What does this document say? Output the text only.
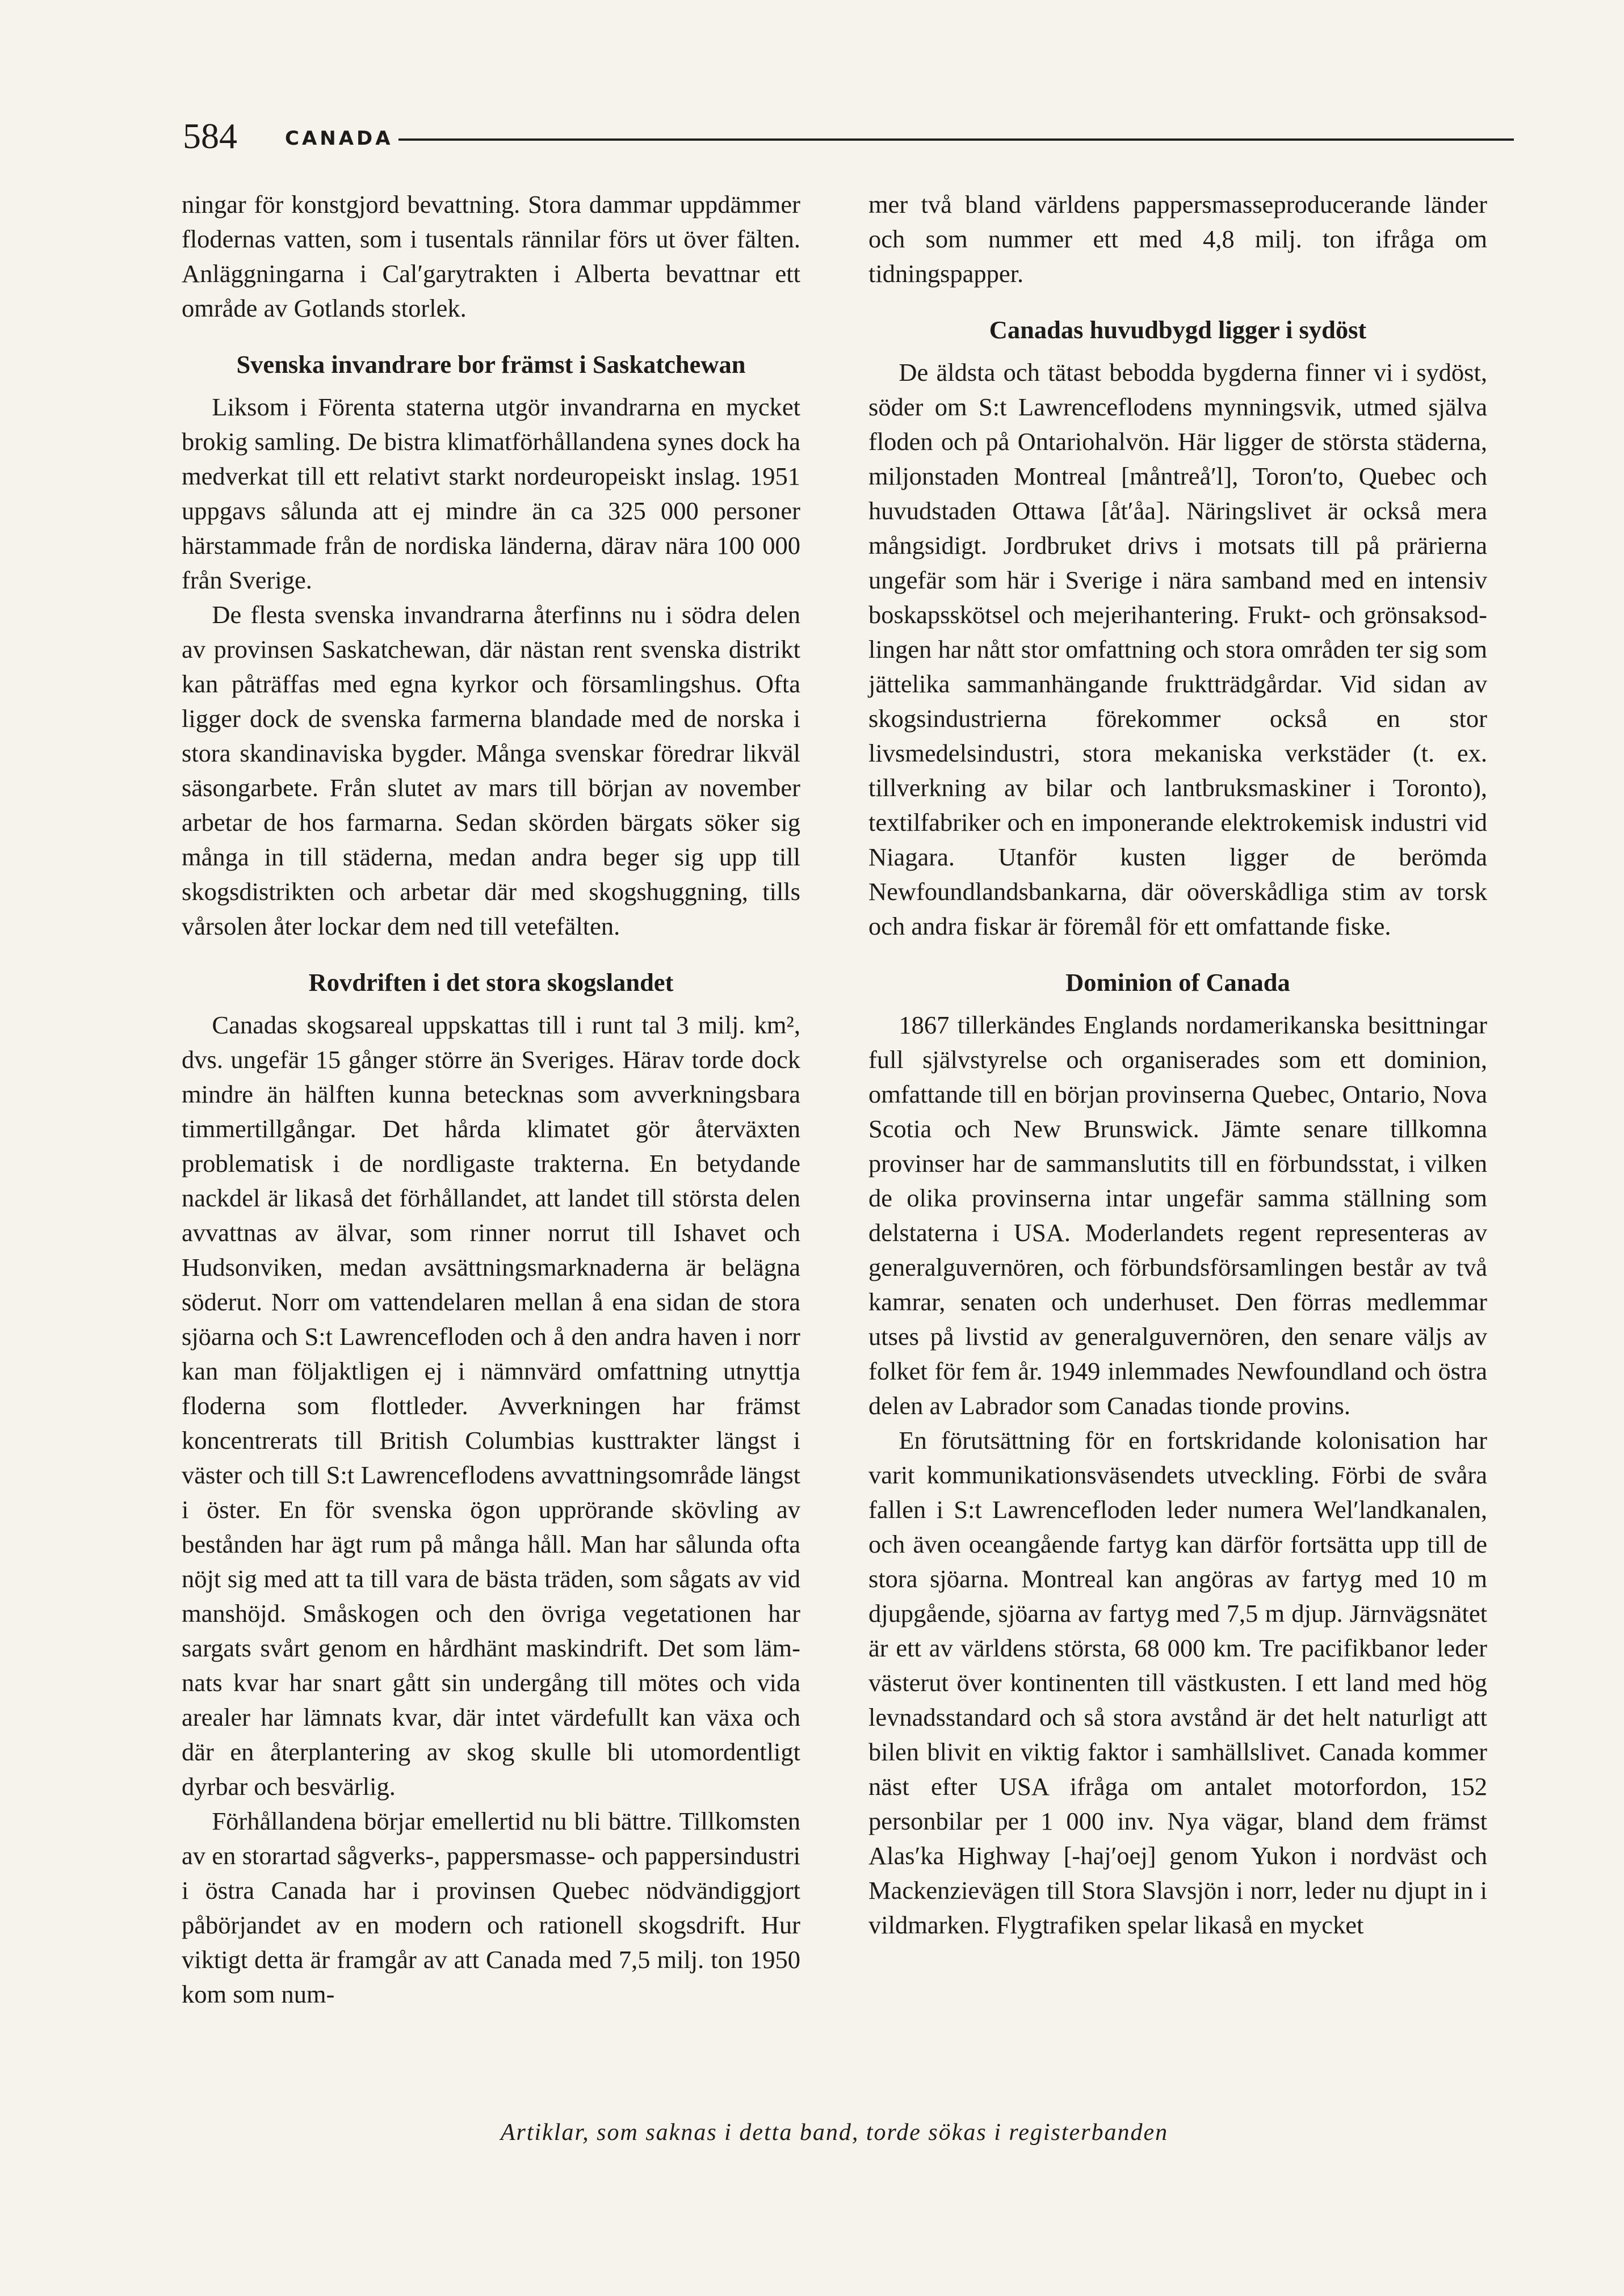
584 CANADA

ningar för konstgjord bevattning. Stora dammar uppdämmer flodernas vatten, som i tusentals rännilar förs ut över fälten. Anläggningarna i Cal′garytrakten i Alberta bevattnar ett område av Gotlands storlek.

Svenska invandrare bor främst i Saskatchewan

Liksom i Förenta staterna utgör invandrarna en mycket brokig samling. De bistra klimatförhållandena synes dock ha medverkat till ett relativt starkt nordeuropeiskt inslag. 1951 uppgavs sålunda att ej mindre än ca 325 000 personer härstammade från de nordiska länderna, därav nära 100 000 från Sverige.

De flesta svenska invandrarna återfinns nu i södra delen av provinsen Saskatchewan, där nästan rent svenska distrikt kan påträffas med egna kyrkor och församlingshus. Ofta ligger dock de svenska farmerna blandade med de norska i stora skandinaviska bygder. Många svenskar föredrar likväl säsongarbete. Från slutet av mars till början av november arbetar de hos farmarna. Sedan skörden bärgats söker sig många in till städerna, medan andra beger sig upp till skogsdistrikten och arbetar där med skogshuggning, tills vårsolen åter lockar dem ned till vetefälten.

Rovdriften i det stora skogslandet

Canadas skogsareal uppskattas till i runt tal 3 milj. km², dvs. ungefär 15 gånger större än Sveriges. Härav torde dock mindre än hälften kunna betecknas som avverkningsbara timmertillgångar. Det hårda klimatet gör återväxten problematisk i de nordligaste trakterna. En betydande nackdel är likaså det förhållandet, att landet till största delen avvattnas av älvar, som rinner norrut till Ishavet och Hudsonviken, medan avsättningsmarknaderna är belägna söderut. Norr om vattendelaren mellan å ena sidan de stora sjöarna och S:t Lawrencefloden och å den andra haven i norr kan man följaktligen ej i nämnvärd omfattning utnyttja floderna som flottleder. Avverkningen har främst koncentrerats till British Columbias kusttrakter längst i väster och till S:t Lawrenceflodens avvattningsområde längst i öster. En för svenska ögon upprörande skövling av bestånden har ägt rum på många håll. Man har sålunda ofta nöjt sig med att ta till vara de bästa träden, som sågats av vid manshöjd. Småskogen och den övriga vegetationen har sargats svårt genom en hårdhänt maskindrift. Det som lämnats kvar har snart gått sin undergång till mötes och vida arealer har lämnats kvar, där intet värdefullt kan växa och där en återplantering av skog skulle bli utomordentligt dyrbar och besvärlig.

Förhållandena börjar emellertid nu bli bättre. Tillkomsten av en storartad sågverks-, pappersmasse- och pappersindustri i östra Canada har i provinsen Quebec nödvändiggjort påbörjandet av en modern och rationell skogsdrift. Hur viktigt detta är framgår av att Canada med 7,5 milj. ton 1950 kom som num-

mer två bland världens pappersmasseproducerande länder och som nummer ett med 4,8 milj. ton ifråga om tidningspapper.

Canadas huvudbygd ligger i sydöst

De äldsta och tätast bebodda bygderna finner vi i sydöst, söder om S:t Lawrenceflodens mynningsvik, utmed själva floden och på Ontariohalvön. Här ligger de största städerna, miljonstaden Montreal [måntreå′l], Toron′to, Quebec och huvudstaden Ottawa [åt′åa]. Näringslivet är också mera mångsidigt. Jordbruket drivs i motsats till på prärierna ungefär som här i Sverige i nära samband med en intensiv boskapsskötsel och mejerihantering. Frukt- och grönsaksodlingen har nått stor omfattning och stora områden ter sig som jättelika sammanhängande fruktträdgårdar. Vid sidan av skogsindustrierna förekommer också en stor livsmedelsindustri, stora mekaniska verkstäder (t. ex. tillverkning av bilar och lantbruksmaskiner i Toronto), textilfabriker och en imponerande elektrokemisk industri vid Niagara. Utanför kusten ligger de berömda Newfoundlandsbankarna, där oöverskådliga stim av torsk och andra fiskar är föremål för ett omfattande fiske.

Dominion of Canada

1867 tillerkändes Englands nordamerikanska besittningar full självstyrelse och organiserades som ett dominion, omfattande till en början provinserna Quebec, Ontario, Nova Scotia och New Brunswick. Jämte senare tillkomna provinser har de sammanslutits till en förbundsstat, i vilken de olika provinserna intar ungefär samma ställning som delstaterna i USA. Moderlandets regent representeras av generalguvernören, och förbundsförsamlingen består av två kamrar, senaten och underhuset. Den förras medlemmar utses på livstid av generalguvernören, den senare väljs av folket för fem år. 1949 inlemmades Newfoundland och östra delen av Labrador som Canadas tionde provins.

En förutsättning för en fortskridande kolonisation har varit kommunikationsväsendets utveckling. Förbi de svåra fallen i S:t Lawrencefloden leder numera Wel′landkanalen, och även oceangående fartyg kan därför fortsätta upp till de stora sjöarna. Montreal kan angöras av fartyg med 10 m djupgående, sjöarna av fartyg med 7,5 m djup. Järnvägsnätet är ett av världens största, 68 000 km. Tre pacifikbanor leder västerut över kontinenten till västkusten. I ett land med hög levnadsstandard och så stora avstånd är det helt naturligt att bilen blivit en viktig faktor i samhällslivet. Canada kommer näst efter USA ifråga om antalet motorfordon, 152 personbilar per 1 000 inv. Nya vägar, bland dem främst Alas′ka Highway [-haj′oej] genom Yukon i nordväst och Mackenzievägen till Stora Slavsjön i norr, leder nu djupt in i vildmarken. Flygtrafiken spelar likaså en mycket

Artiklar, som saknas i detta band, torde sökas i registerbanden
